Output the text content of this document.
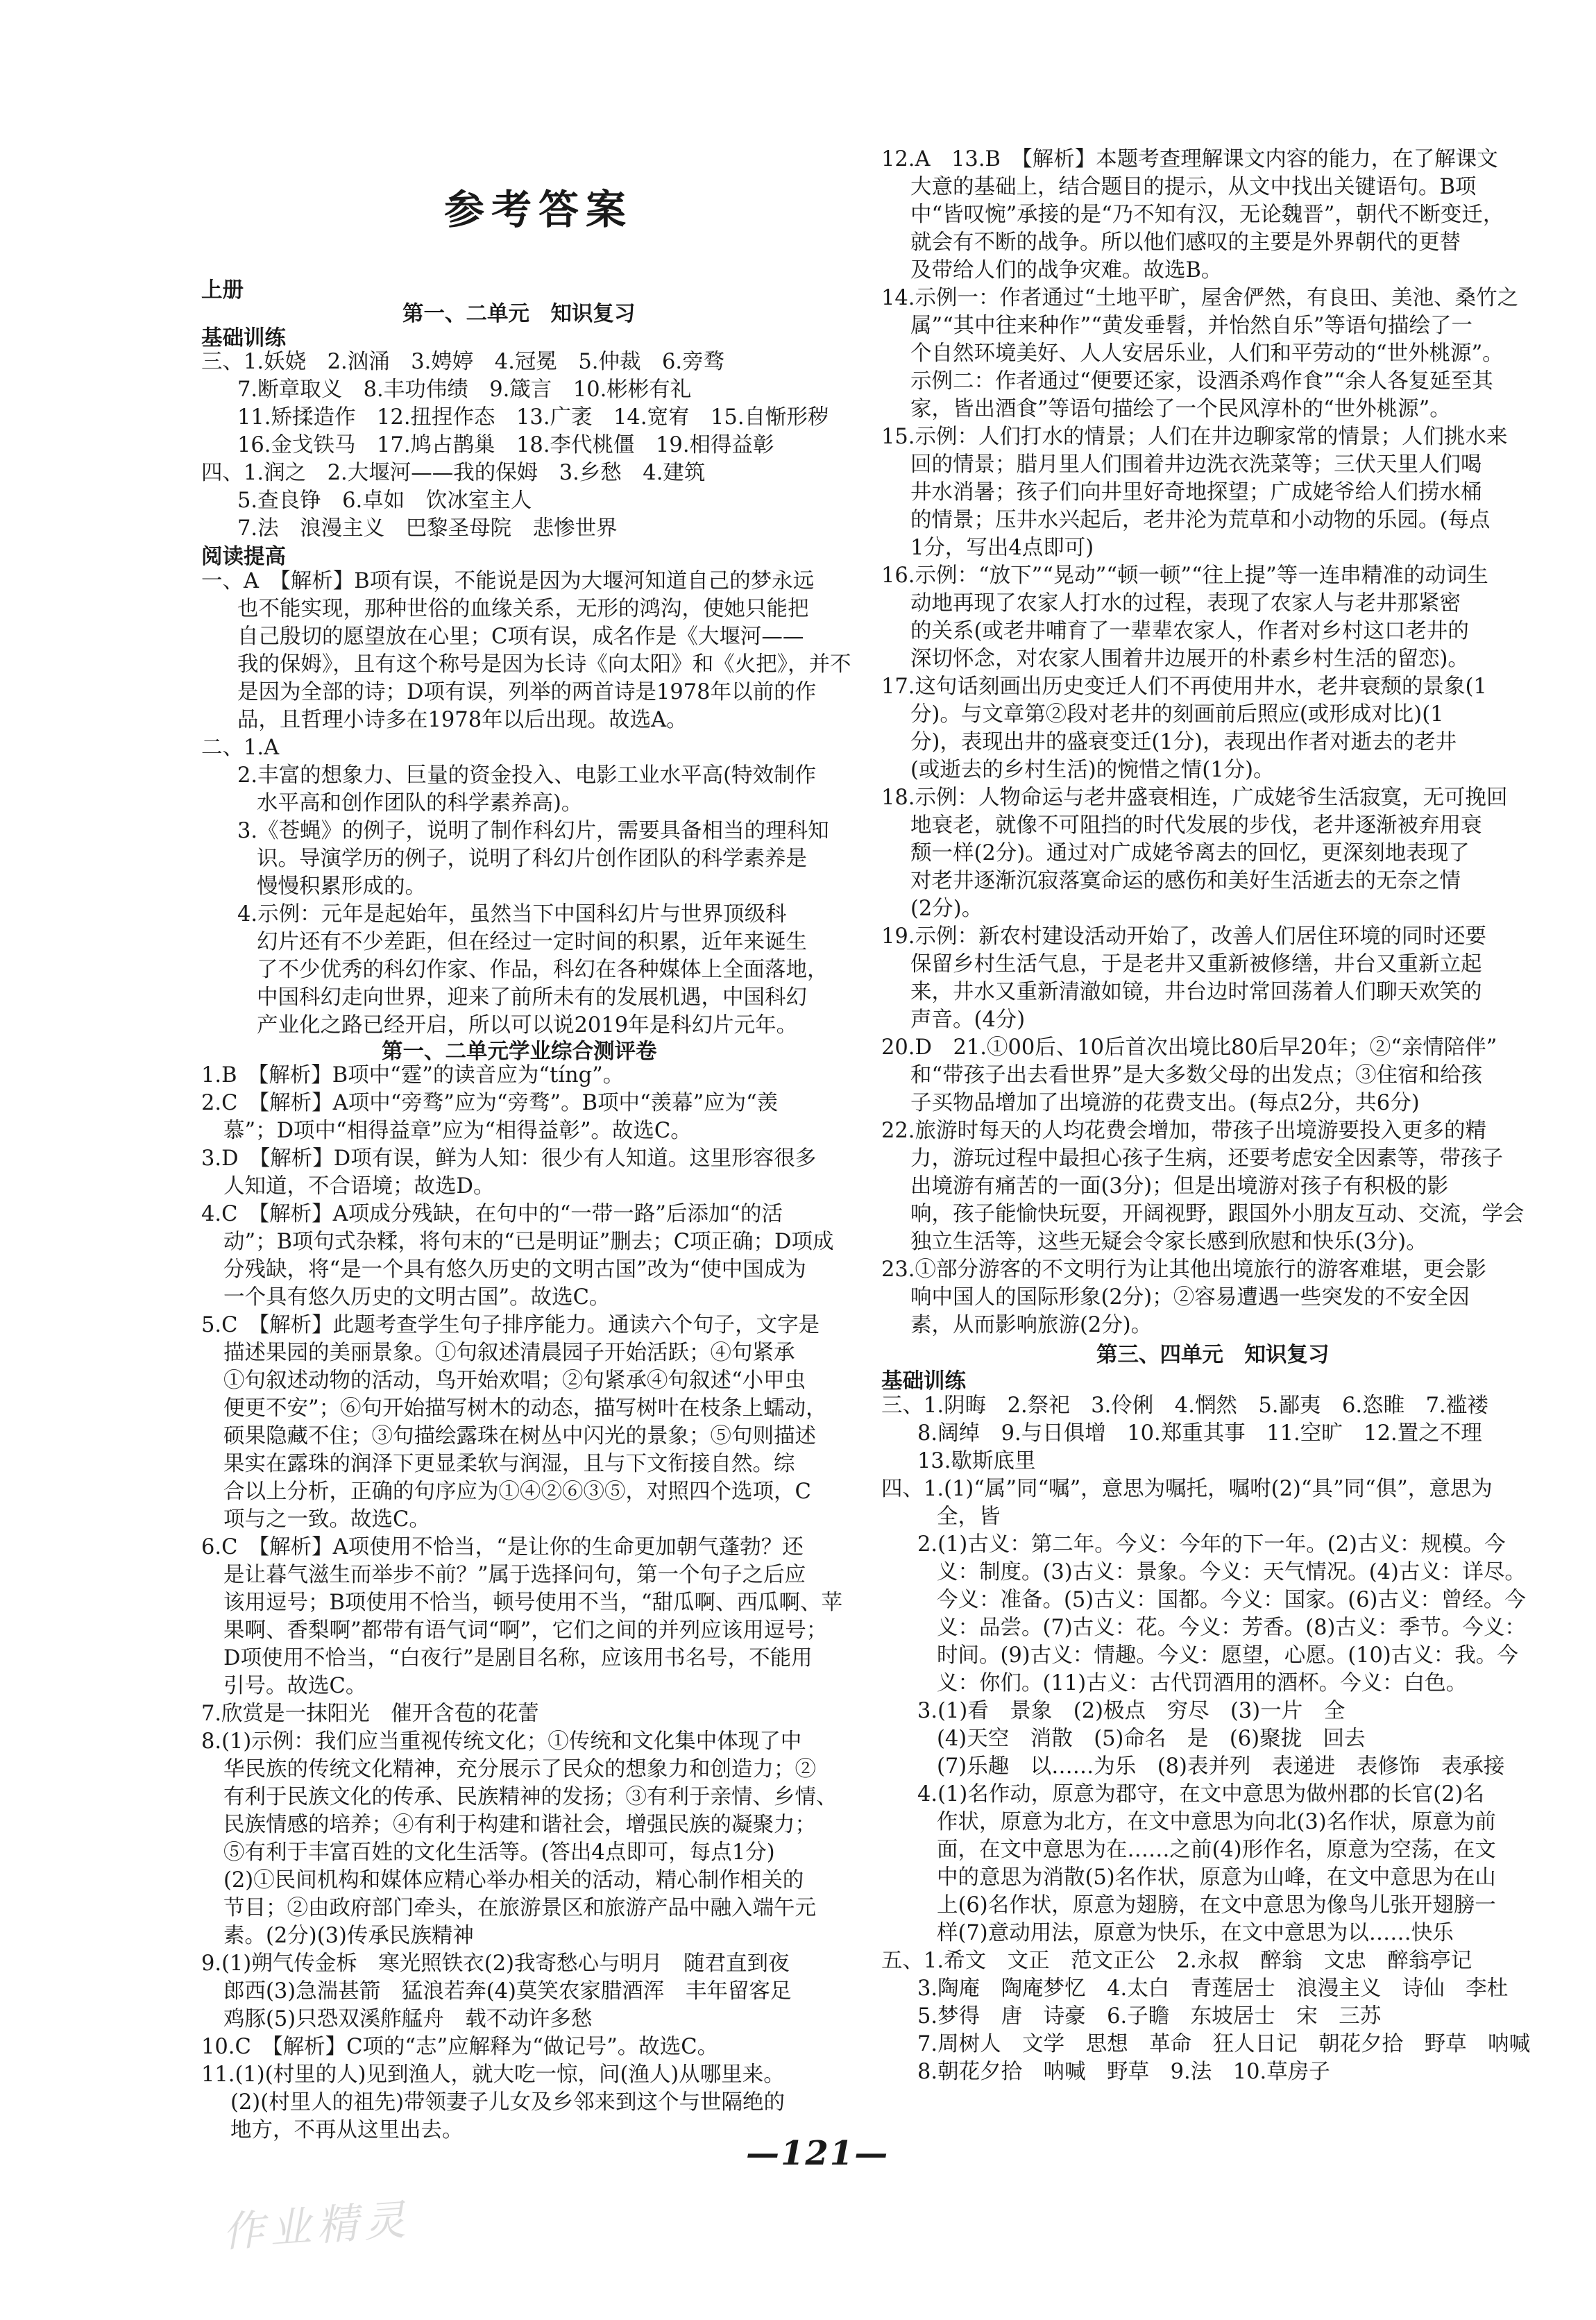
参考答案
上册
第一、二单元　知识复习
基础训练
三、1.妖娆　2.汹涌　3.娉婷　4.冠冕　5.仲裁　6.旁骛
7.断章取义　8.丰功伟绩　9.箴言　10.彬彬有礼
11.矫揉造作　12.扭捏作态　13.广袤　14.宽宥　15.自惭形秽
16.金戈铁马　17.鸠占鹊巢　18.李代桃僵　19.相得益彰
四、1.润之　2.大堰河——我的保姆　3.乡愁　4.建筑
5.查良铮　6.卓如　饮冰室主人
7.法　浪漫主义　巴黎圣母院　悲惨世界
阅读提高
一、A　【解析】B项有误，不能说是因为大堰河知道自己的梦永远
也不能实现，那种世俗的血缘关系，无形的鸿沟，使她只能把
自己殷切的愿望放在心里；C项有误，成名作是《大堰河——
我的保姆》，且有这个称号是因为长诗《向太阳》和《火把》，并不
是因为全部的诗；D项有误，列举的两首诗是1978年以前的作
品，且哲理小诗多在1978年以后出现。故选A。
二、1.A
2.丰富的想象力、巨量的资金投入、电影工业水平高(特效制作
水平高和创作团队的科学素养高)。
3.《苍蝇》的例子，说明了制作科幻片，需要具备相当的理科知
识。导演学历的例子，说明了科幻片创作团队的科学素养是
慢慢积累形成的。
4.示例：元年是起始年，虽然当下中国科幻片与世界顶级科
幻片还有不少差距，但在经过一定时间的积累，近年来诞生
了不少优秀的科幻作家、作品，科幻在各种媒体上全面落地，
中国科幻走向世界，迎来了前所未有的发展机遇，中国科幻
产业化之路已经开启，所以可以说2019年是科幻片元年。
第一、二单元学业综合测评卷
1.B　【解析】B项中“霆”的读音应为“tíng”。
2.C　【解析】A项中“旁骛”应为“旁骛”。B项中“羡幕”应为“羡
慕”；D项中“相得益章”应为“相得益彰”。故选C。
3.D　【解析】D项有误，鲜为人知：很少有人知道。这里形容很多
人知道，不合语境；故选D。
4.C　【解析】A项成分残缺，在句中的“一带一路”后添加“的活
动”；B项句式杂糅，将句末的“已是明证”删去；C项正确；D项成
分残缺，将“是一个具有悠久历史的文明古国”改为“使中国成为
一个具有悠久历史的文明古国”。故选C。
5.C　【解析】此题考查学生句子排序能力。通读六个句子，文字是
描述果园的美丽景象。①句叙述清晨园子开始活跃；④句紧承
①句叙述动物的活动，鸟开始欢唱；②句紧承④句叙述“小甲虫
便更不安”；⑥句开始描写树木的动态，描写树叶在枝条上蠕动，
硕果隐藏不住；③句描绘露珠在树丛中闪光的景象；⑤句则描述
果实在露珠的润泽下更显柔软与润湿，且与下文衔接自然。综
合以上分析，正确的句序应为①④②⑥③⑤，对照四个选项，C
项与之一致。故选C。
6.C　【解析】A项使用不恰当，“是让你的生命更加朝气蓬勃？还
是让暮气滋生而举步不前？”属于选择问句，第一个句子之后应
该用逗号；B项使用不恰当，顿号使用不当，“甜瓜啊、西瓜啊、苹
果啊、香梨啊”都带有语气词“啊”，它们之间的并列应该用逗号；
D项使用不恰当，“白夜行”是剧目名称，应该用书名号，不能用
引号。故选C。
7.欣赏是一抹阳光　催开含苞的花蕾
8.(1)示例：我们应当重视传统文化；①传统和文化集中体现了中
华民族的传统文化精神，充分展示了民众的想象力和创造力；②
有利于民族文化的传承、民族精神的发扬；③有利于亲情、乡情、
民族情感的培养；④有利于构建和谐社会，增强民族的凝聚力；
⑤有利于丰富百姓的文化生活等。(答出4点即可，每点1分)
(2)①民间机构和媒体应精心举办相关的活动，精心制作相关的
节目；②由政府部门牵头，在旅游景区和旅游产品中融入端午元
素。(2分)(3)传承民族精神
9.(1)朔气传金柝　寒光照铁衣(2)我寄愁心与明月　随君直到夜
郎西(3)急湍甚箭　猛浪若奔(4)莫笑农家腊酒浑　丰年留客足
鸡豚(5)只恐双溪舴艋舟　载不动许多愁
10.C　【解析】C项的“志”应解释为“做记号”。故选C。
11.(1)(村里的人)见到渔人，就大吃一惊，问(渔人)从哪里来。
(2)(村里人的祖先)带领妻子儿女及乡邻来到这个与世隔绝的
地方，不再从这里出去。
12.A　13.B　【解析】本题考查理解课文内容的能力，在了解课文
大意的基础上，结合题目的提示，从文中找出关键语句。B项
中“皆叹惋”承接的是“乃不知有汉，无论魏晋”，朝代不断变迁，
就会有不断的战争。所以他们感叹的主要是外界朝代的更替
及带给人们的战争灾难。故选B。
14.示例一：作者通过“土地平旷，屋舍俨然，有良田、美池、桑竹之
属”“其中往来种作”“黄发垂髫，并怡然自乐”等语句描绘了一
个自然环境美好、人人安居乐业，人们和平劳动的“世外桃源”。
示例二：作者通过“便要还家，设酒杀鸡作食”“余人各复延至其
家，皆出酒食”等语句描绘了一个民风淳朴的“世外桃源”。
15.示例：人们打水的情景；人们在井边聊家常的情景；人们挑水来
回的情景；腊月里人们围着井边洗衣洗菜等；三伏天里人们喝
井水消暑；孩子们向井里好奇地探望；广成姥爷给人们捞水桶
的情景；压井水兴起后，老井沦为荒草和小动物的乐园。(每点
1分，写出4点即可)
16.示例：“放下”“晃动”“顿一顿”“往上提”等一连串精准的动词生
动地再现了农家人打水的过程，表现了农家人与老井那紧密
的关系(或老井哺育了一辈辈农家人，作者对乡村这口老井的
深切怀念，对农家人围着井边展开的朴素乡村生活的留恋)。
17.这句话刻画出历史变迁人们不再使用井水，老井衰颓的景象(1
分)。与文章第②段对老井的刻画前后照应(或形成对比)(1
分)，表现出井的盛衰变迁(1分)，表现出作者对逝去的老井
(或逝去的乡村生活)的惋惜之情(1分)。
18.示例：人物命运与老井盛衰相连，广成姥爷生活寂寞，无可挽回
地衰老，就像不可阻挡的时代发展的步伐，老井逐渐被弃用衰
颓一样(2分)。通过对广成姥爷离去的回忆，更深刻地表现了
对老井逐渐沉寂落寞命运的感伤和美好生活逝去的无奈之情
(2分)。
19.示例：新农村建设活动开始了，改善人们居住环境的同时还要
保留乡村生活气息，于是老井又重新被修缮，井台又重新立起
来，井水又重新清澈如镜，井台边时常回荡着人们聊天欢笑的
声音。(4分)
20.D　21.①00后、10后首次出境比80后早20年；②“亲情陪伴”
和“带孩子出去看世界”是大多数父母的出发点；③住宿和给孩
子买物品增加了出境游的花费支出。(每点2分，共6分)
22.旅游时每天的人均花费会增加，带孩子出境游要投入更多的精
力，游玩过程中最担心孩子生病，还要考虑安全因素等，带孩子
出境游有痛苦的一面(3分)；但是出境游对孩子有积极的影
响，孩子能愉快玩耍，开阔视野，跟国外小朋友互动、交流，学会
独立生活等，这些无疑会令家长感到欣慰和快乐(3分)。
23.①部分游客的不文明行为让其他出境旅行的游客难堪，更会影
响中国人的国际形象(2分)；②容易遭遇一些突发的不安全因
素，从而影响旅游(2分)。
第三、四单元　知识复习
基础训练
三、1.阴晦　2.祭祀　3.伶俐　4.惘然　5.鄙夷　6.恣睢　7.褴褛
8.阔绰　9.与日俱增　10.郑重其事　11.空旷　12.置之不理
13.歇斯底里
四、1.(1)“属”同“嘱”，意思为嘱托，嘱咐(2)“具”同“俱”，意思为
全，皆
2.(1)古义：第二年。今义：今年的下一年。(2)古义：规模。今
义：制度。(3)古义：景象。今义：天气情况。(4)古义：详尽。
今义：准备。(5)古义：国都。今义：国家。(6)古义：曾经。今
义：品尝。(7)古义：花。今义：芳香。(8)古义：季节。今义：
时间。(9)古义：情趣。今义：愿望，心愿。(10)古义：我。今
义：你们。(11)古义：古代罚酒用的酒杯。今义：白色。
3.(1)看　景象　(2)极点　穷尽　(3)一片　全
(4)天空　消散　(5)命名　是　(6)聚拢　回去
(7)乐趣　以……为乐　(8)表并列　表递进　表修饰　表承接
4.(1)名作动，原意为郡守，在文中意思为做州郡的长官(2)名
作状，原意为北方，在文中意思为向北(3)名作状，原意为前
面，在文中意思为在……之前(4)形作名，原意为空荡，在文
中的意思为消散(5)名作状，原意为山峰，在文中意思为在山
上(6)名作状，原意为翅膀，在文中意思为像鸟儿张开翅膀一
样(7)意动用法，原意为快乐，在文中意思为以……快乐
五、1.希文　文正　范文正公　2.永叔　醉翁　文忠　醉翁亭记
3.陶庵　陶庵梦忆　4.太白　青莲居士　浪漫主义　诗仙　李杜
5.梦得　唐　诗豪　6.子瞻　东坡居士　宋　三苏
7.周树人　文学　思想　革命　狂人日记　朝花夕拾　野草　呐喊
8.朝花夕拾　呐喊　野草　9.法　10.草房子
—121—
作业精灵
